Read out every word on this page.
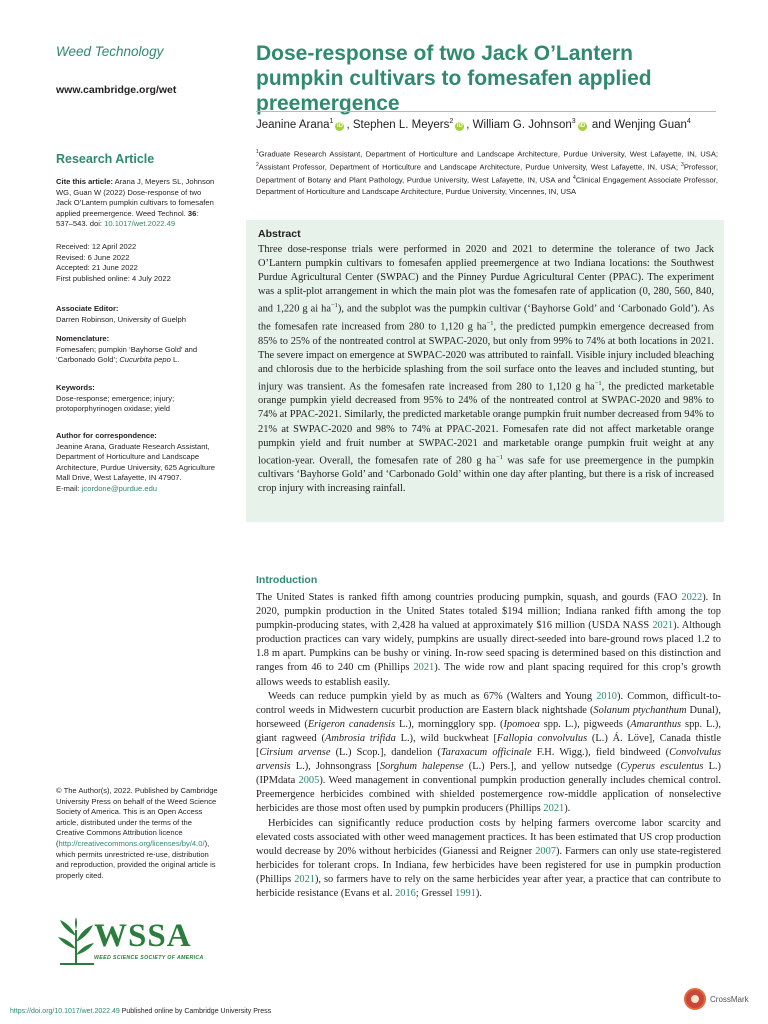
Weed Technology
www.cambridge.org/wet
Research Article
Cite this article: Arana J, Meyers SL, Johnson WG, Guan W (2022) Dose-response of two Jack O’Lantern pumpkin cultivars to fomesafen applied preemergence. Weed Technol. 36: 537–543. doi: 10.1017/wet.2022.49
Received: 12 April 2022
Revised: 6 June 2022
Accepted: 21 June 2022
First published online: 4 July 2022
Associate Editor:
Darren Robinson, University of Guelph
Nomenclature:
Fomesafen; pumpkin ‘Bayhorse Gold’ and ‘Carbonado Gold’; Cucurbita pepo L.
Keywords:
Dose-response; emergence; injury; protoporphyrinogen oxidase; yield
Author for correspondence:
Jeanine Arana, Graduate Research Assistant, Department of Horticulture and Landscape Architecture, Purdue University, 625 Agriculture Mall Drive, West Lafayette, IN 47907.
E-mail: jcordone@purdue.edu
© The Author(s), 2022. Published by Cambridge University Press on behalf of the Weed Science Society of America. This is an Open Access article, distributed under the terms of the Creative Commons Attribution licence (http://creativecommons.org/licenses/by/4.0/), which permits unrestricted re-use, distribution and reproduction, provided the original article is properly cited.
WSSA
WEED SCIENCE SOCIETY OF AMERICA
Dose-response of two Jack O’Lantern pumpkin cultivars to fomesafen applied preemergence
Jeanine Arana$^1$iD , Stephen L. Meyers$^2$iD , William G. Johnson$^3$iD and Wenjing Guan$^4$
$^1$Graduate Research Assistant, Department of Horticulture and Landscape Architecture, Purdue University, West Lafayette, IN, USA; $^2$Assistant Professor, Department of Horticulture and Landscape Architecture, Purdue University, West Lafayette, IN, USA; $^3$Professor, Department of Botany and Plant Pathology, Purdue University, West Lafayette, IN, USA and $^4$Clinical Engagement Associate Professor, Department of Horticulture and Landscape Architecture, Purdue University, Vincennes, IN, USA
Abstract

Three dose-response trials were performed in 2020 and 2021 to determine the tolerance of two Jack O’Lantern pumpkin cultivars to fomesafen applied preemergence at two Indiana locations: the Southwest Purdue Agricultural Center (SWPAC) and the Pinney Purdue Agricultural Center (PPAC). The experiment was a split-plot arrangement in which the main plot was the fomesafen rate of application (0, 280, 560, 840, and 1,220 g ai $ha^{-1}$), and the subplot was the pumpkin cultivar (‘Bayhorse Gold’ and ‘Carbonado Gold’). As the fomesafen rate increased from 280 to 1,120 g $ha^{-1}$, the predicted pumpkin emergence decreased from 85% to 25% of the nontreated control at SWPAC-2020, but only from 99% to 74% at both locations in 2021. The severe impact on emergence at SWPAC-2020 was attributed to rainfall. Visible injury included bleaching and chlorosis due to the herbicide splashing from the soil surface onto the leaves and included stunting, but injury was transient. As the fomesafen rate increased from 280 to 1,120 g $ha^{-1}$, the predicted marketable orange pumpkin yield decreased from 95% to 24% of the nontreated control at SWPAC-2020 and 98% to 74% at PPAC-2021. Similarly, the predicted marketable orange pumpkin fruit number decreased from 94% to 21% at SWPAC-2020 and 98% to 74% at PPAC-2021. Fomesafen rate did not affect marketable orange pumpkin yield and fruit number at SWPAC-2021 and marketable orange pumpkin fruit weight at any location-year. Overall, the fomesafen rate of 280 g $ha^{-1}$ was safe for use preemergence in the pumpkin cultivars ‘Bayhorse Gold’ and ‘Carbonado Gold’ within one day after planting, but there is a risk of increased crop injury with increasing rainfall.

Introduction

The United States is ranked fifth among countries producing pumpkin, squash, and gourds (FAO 2022). In 2020, pumpkin production in the United States totaled $194 million; Indiana ranked fifth among the top pumpkin-producing states, with 2,428 ha valued at approximately $16 million (USDA NASS 2021). Although production practices can vary widely, pumpkins are usually direct-seeded into bare-ground rows placed 1.2 to 1.8 m apart. Pumpkins can be bushy or vining. In-row seed spacing is determined based on this distinction and ranges from 46 to 240 cm (Phillips 2021). The wide row and plant spacing required for this crop’s growth allows weeds to establish easily.

Weeds can reduce pumpkin yield by as much as 67% (Walters and Young 2010). Common, difficult-to-control weeds in Midwestern cucurbit production are Eastern black nightshade (Solanum ptychanthum Dunal), horseweed (Erigeron canadensis L.), morningglory spp. (Ipomoea spp. L.), pigweeds (Amaranthus spp. L.), giant ragweed (Ambrosia trifida L.), wild buckwheat [Fallopia convolvulus (L.) Á. Löve], Canada thistle [Cirsium arvense (L.) Scop.], dandelion (Taraxacum officinale F.H. Wigg.), field bindweed (Convolvulus arvensis L.), Johnsongrass [Sorghum halepense (L.) Pers.], and yellow nutsedge (Cyperus esculentus L.) (IPMdata 2005). Weed management in conventional pumpkin production generally includes chemical control. Preemergence herbicides combined with shielded postemergence row-middle application of nonselective herbicides are those most often used by pumpkin producers (Phillips 2021).

Herbicides can significantly reduce production costs by helping farmers overcome labor scarcity and elevated costs associated with other weed management practices. It has been estimated that US crop production would decrease by 20% without herbicides (Gianessi and Reigner 2007). Farmers can only use state-registered herbicides for tolerant crops. In Indiana, few herbicides have been registered for use in pumpkin production (Phillips 2021), so farmers have to rely on the same herbicides year after year, a practice that can contribute to herbicide resistance (Evans et al. 2016; Gressel 1991).

https://doi.org/10.1017/wet.2022.49 Published online by Cambridge University Press
CrossMark
